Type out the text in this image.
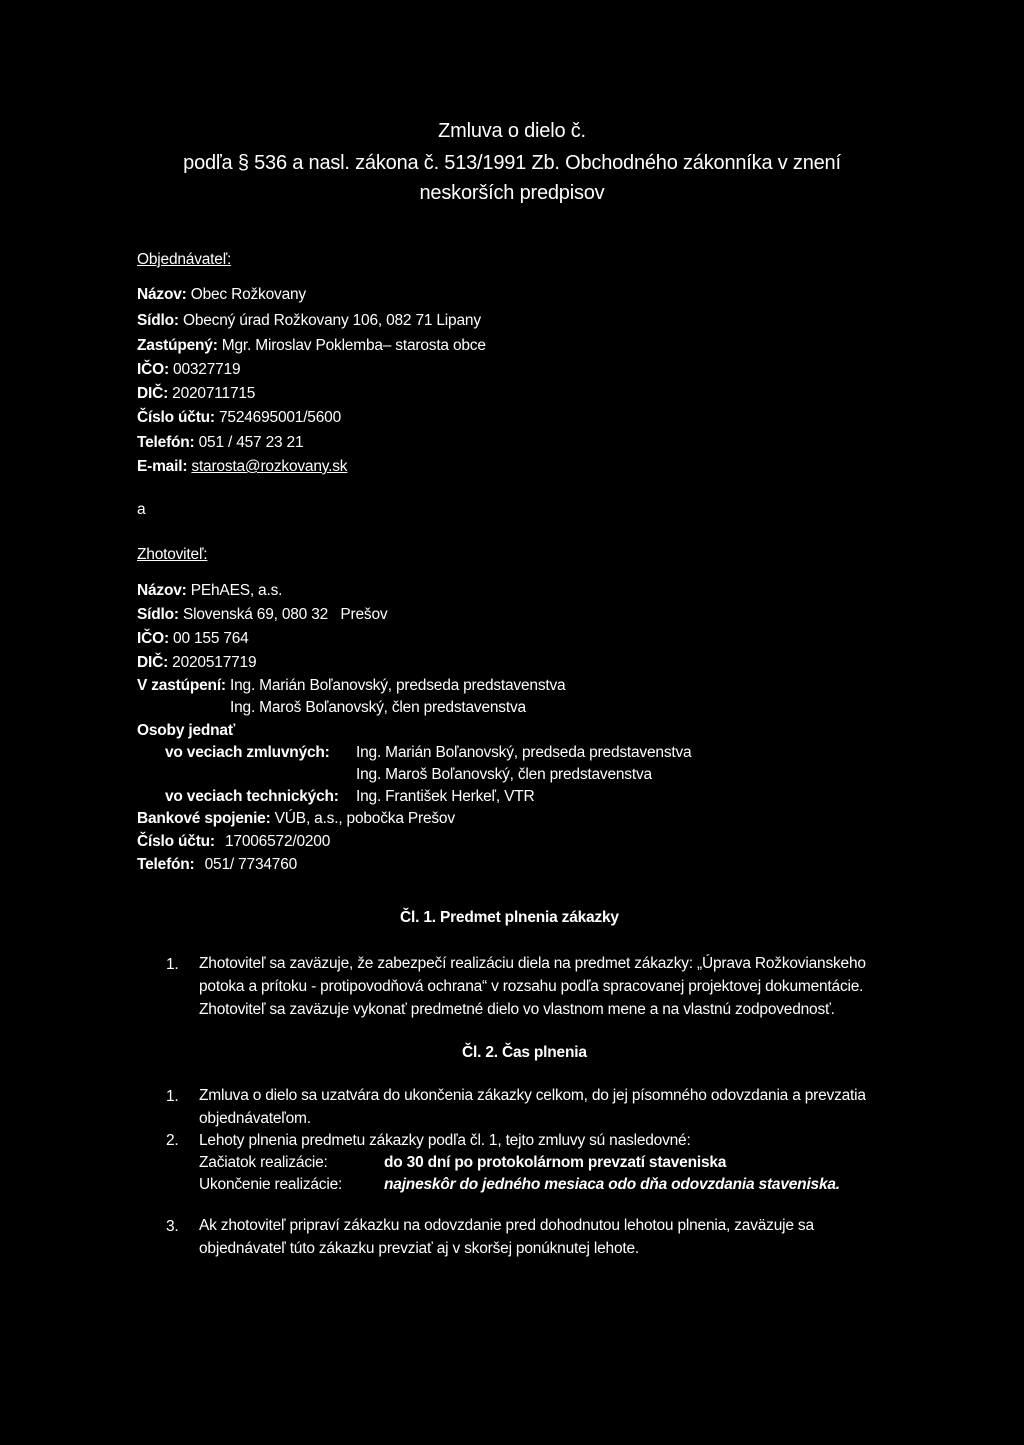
Zmluva o dielo č.
podľa § 536 a nasl. zákona č. 513/1991 Zb. Obchodného zákonníka v znení
neskorších predpisov
Objednávateľ:
Názov: Obec Rožkovany
Sídlo: Obecný úrad Rožkovany 106, 082 71 Lipany
Zastúpený: Mgr. Miroslav Poklemba– starosta obce
IČO: 00327719
DIČ: 2020711715
Číslo účtu: 7524695001/5600
Telefón: 051 / 457 23 21
E-mail: starosta@rozkovany.sk
a
Zhotoviteľ:
Názov: PEhAES, a.s.
Sídlo: Slovenská 69, 080 32   Prešov
IČO: 00 155 764
DIČ: 2020517719
V zastúpení: Ing. Marián Boľanovský, predseda predstavenstva
Ing. Maroš Boľanovský, člen predstavenstva
Osoby jednať
vo veciach zmluvných: Ing. Marián Boľanovský, predseda predstavenstva
Ing. Maroš Boľanovský, člen predstavenstva
vo veciach technických: Ing. František Herkeľ, VTR
Bankové spojenie: VÚB, a.s., pobočka Prešov
Číslo účtu: 17006572/0200
Telefón: 051/ 7734760
Čl. 1. Predmet plnenia zákazky
1. Zhotoviteľ sa zaväzuje, že zabezpečí realizáciu diela na predmet zákazky: „Úprava Rožkovianskeho
potoka a prítoku - protipovodňová ochrana“ v rozsahu podľa spracovanej projektovej dokumentácie.
Zhotoviteľ sa zaväzuje vykonať predmetné dielo vo vlastnom mene a na vlastnú zodpovednosť.
Čl. 2. Čas plnenia
1. Zmluva o dielo sa uzatvára do ukončenia zákazky celkom, do jej písomného odovzdania a prevzatia
objednávateľom.
2. Lehoty plnenia predmetu zákazky podľa čl. 1, tejto zmluvy sú nasledovné:
Začiatok realizácie:	do 30 dní po protokolárnom prevzatí staveniska
Ukončenie realizácie:	najneskôr do jedného mesiaca odo dňa odovzdania staveniska.
3. Ak zhotoviteľ pripraví zákazku na odovzdanie pred dohodnutou lehotou plnenia, zaväzuje sa
objednávateľ túto zákazku prevziať aj v skoršej ponúknutej lehote.
